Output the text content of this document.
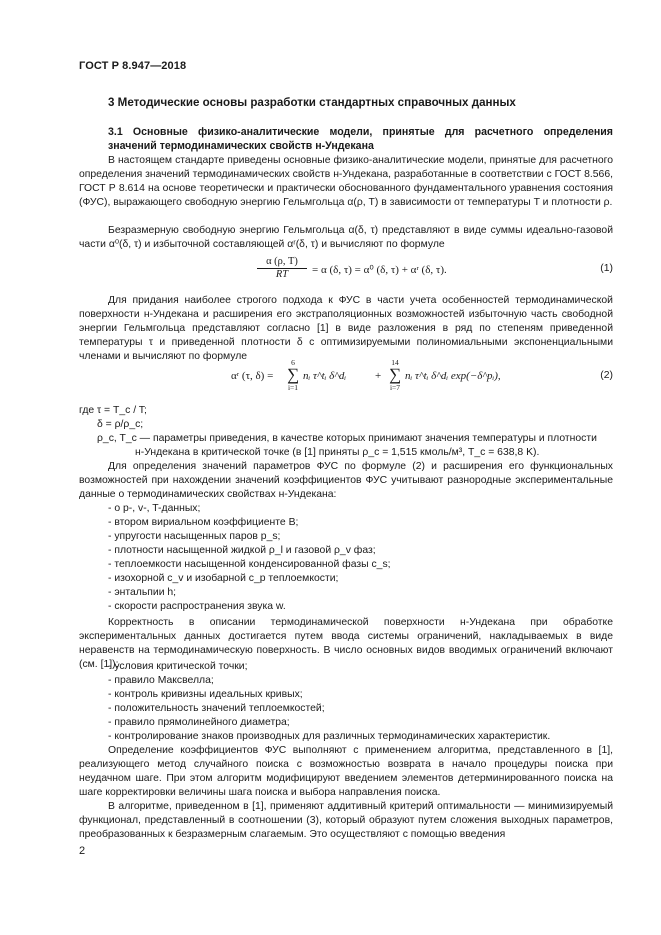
ГОСТ Р 8.947—2018
3 Методические основы разработки стандартных справочных данных
3.1 Основные физико-аналитические модели, принятые для расчетного определения значений термодинамических свойств н-Ундекана
В настоящем стандарте приведены основные физико-аналитические модели, принятые для расчетного определения значений термодинамических свойств н-Ундекана, разработанные в соответствии с ГОСТ 8.566, ГОСТ Р 8.614 на основе теоретически и практически обоснованного фундаментального уравнения состояния (ФУС), выражающего свободную энергию Гельмгольца α(ρ, T) в зависимости от температуры T и плотности ρ.
Безразмерную свободную энергию Гельмгольца α(δ, τ) представляют в виде суммы идеально-газовой части α⁰(δ, τ) и избыточной составляющей αʳ(δ, τ) и вычисляют по формуле
$\frac{\alpha (\rho, T)}{RT} = \alpha$ (δ, τ) = α⁰ (δ, τ) + αʳ (δ, τ).	(1)
Для придания наиболее строгого подхода к ФУС в части учета особенностей термодинамической поверхности н-Ундекана и расширения его экстраполяционных возможностей избыточную часть свободной энергии Гельмгольца представляют согласно [1] в виде разложения в ряд по степеням приведенной температуры τ и приведенной плотности δ с оптимизируемыми полиномиальными экспоненциальными членами и вычисляют по формуле
αʳ (τ, δ) =
6
∑
i=1
nᵢ τ^tᵢ δ^dᵢ	+
14
∑
i=7
nᵢ τ^tᵢ δ^dᵢ exp(−δ^pᵢ),	(2)
где τ = T_c / T;
δ = ρ/ρ_c;
ρ_c, T_c — параметры приведения, в качестве которых принимают значения температуры и плотности
н-Ундекана в критической точке (в [1] приняты ρ_c = 1,515 кмоль/м³, T_c = 638,8 K).
Для определения значений параметров ФУС по формуле (2) и расширения его функциональных возможностей при нахождении значений коэффициентов ФУС учитывают разнородные экспериментальные данные о термодинамических свойствах н-Ундекана:
- о p-, v-, T-данных;
- втором вириальном коэффициенте B;
- упругости насыщенных паров p_s;
- плотности насыщенной жидкой ρ_l и газовой ρ_v фаз;
- теплоемкости насыщенной конденсированной фазы c_s;
- изохорной c_v и изобарной c_p теплоемкости;
- энтальпии h;
- скорости распространения звука w.
Корректность в описании термодинамической поверхности н-Ундекана при обработке экспериментальных данных достигается путем ввода системы ограничений, накладываемых в виде неравенств на термодинамическую поверхность. В число основных видов вводимых ограничений включают (см. [1]):
- условия критической точки;
- правило Максвелла;
- контроль кривизны идеальных кривых;
- положительность значений теплоемкостей;
- правило прямолинейного диаметра;
- контролирование знаков производных для различных термодинамических характеристик.
Определение коэффициентов ФУС выполняют с применением алгоритма, представленного в [1], реализующего метод случайного поиска с возможностью возврата в начало процедуры поиска при неудачном шаге. При этом алгоритм модифицируют введением элементов детерминированного поиска на шаге корректировки величины шага поиска и выбора направления поиска.
В алгоритме, приведенном в [1], применяют аддитивный критерий оптимальности — минимизируемый функционал, представленный в соотношении (3), который образуют путем сложения выходных параметров, преобразованных к безразмерным слагаемым. Это осуществляют с помощью введения
2
